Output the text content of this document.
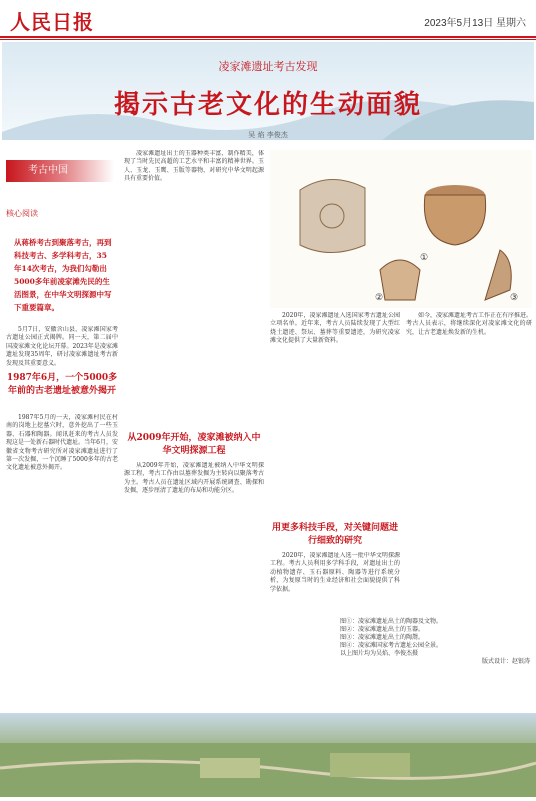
人民日报	2023年5月13日 星期六
凌家滩遗址考古发现
揭示古老文化的生动面貌
吴 焰 李俊杰
考古中国
核心阅读
从蒋桥考古到聚落考古，再到科技考古、多学科考古，35年14次考古，为我们勾勒出5000多年前凌家滩先民的生活图景，在中华文明探源中写下重要篇章。

5月7日，安徽含山县，凌家滩国家考古遗址公园正式揭牌。同一天，第二届中国凌家滩文化论坛开幕。2023年是凌家滩遗址发现35周年，研讨凌家滩遗址考古新发现及其重要意义。

1987年6月，一个5000多年前的古老遗址被意外揭开

1987年5月的一天，凌家滩村民在村南的岗地上挖墓穴时，意外挖出了一些玉器、石器和陶器。闻讯赶来的考古人员发现这是一处新石器时代遗址。当年6月，安徽省文物考古研究所对凌家滩遗址进行了第一次发掘，一个沉睡了5000多年的古老文化遗址被意外揭开。

凌家滩遗址出土的玉器种类丰富、制作精美，体现了当时先民高超的工艺水平和丰富的精神世界。玉人、玉龙、玉鹰、玉版等器物，对研究中华文明起源具有重要价值。

从2009年开始，凌家滩被纳入中华文明探源工程

从2009年开始，凌家滩遗址被纳入中华文明探源工程，考古工作由以墓葬发掘为主转向以聚落考古为主。考古人员在遗址区域内开展系统调查、勘探和发掘，逐步厘清了遗址的布局和功能分区。

①
②	③

2020年，凌家滩遗址入选国家考古遗址公园立项名单。近年来，考古人员陆续发现了大型红烧土遗迹、祭坛、墓葬等重要遗迹，为研究凌家滩文化提供了大量新资料。

用更多科技手段，对关键问题进行细致的研究

2020年，凌家滩遗址入选一批中华文明探源工程。考古人员利用多学科手段，对遗址出土的动植物遗存、玉石器原料、陶器等进行系统分析，为复原当时的生业经济和社会面貌提供了科学依据。

如今，凌家滩遗址考古工作正在有序推进。考古人员表示，将继续深化对凌家滩文化的研究，让古老遗址焕发新的生机。

图①：凌家滩遗址出土的陶器及文物。
图②：凌家滩遗址出土的玉器。
图③：凌家滩遗址出土的陶鬶。
图④：凌家滩国家考古遗址公园全景。
以上图片均为吴焰、李俊杰摄
版式设计：赵银涛
